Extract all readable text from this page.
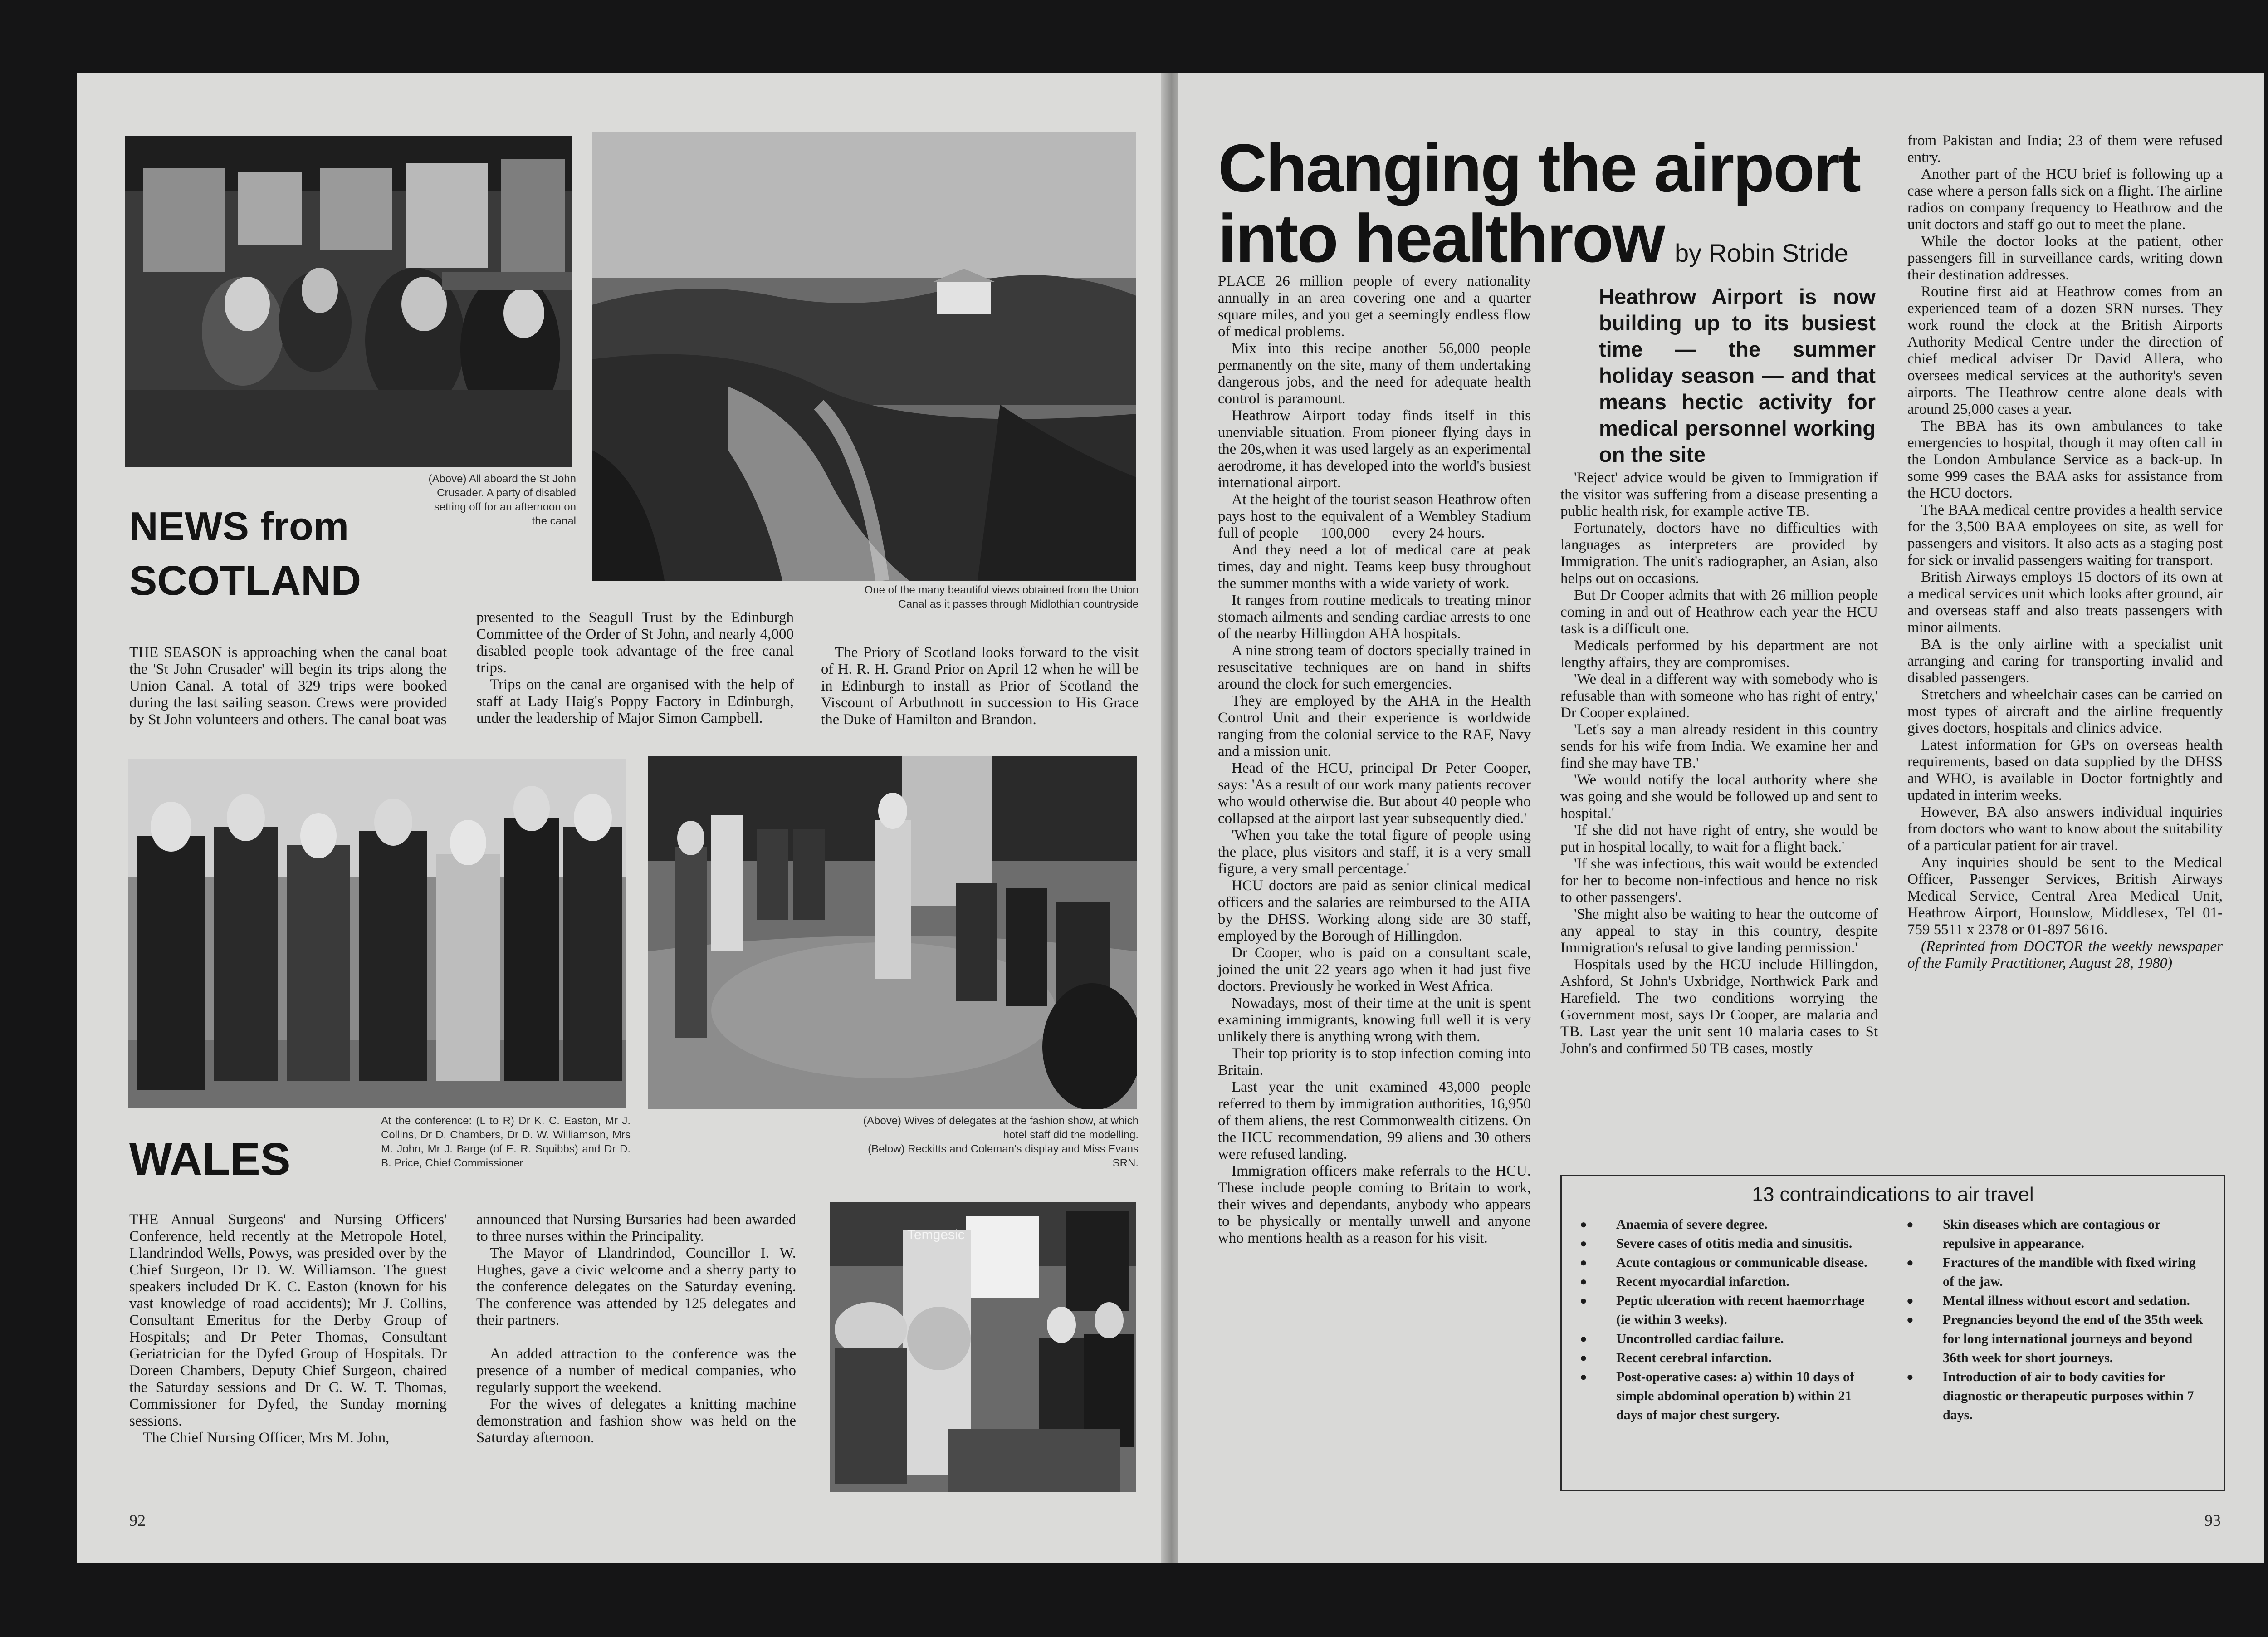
(Above) All aboard the St John Crusader. A party of disabled setting off for an afternoon on the canal
NEWS from
SCOTLAND	One of the many beautiful views obtained from the Union Canal as it passes through Midlothian countryside

THE SEASON is approaching when the canal boat the 'St John Crusader' will begin its trips along the Union Canal. A total of 329 trips were booked during the last sailing season. Crews were provided by St John volunteers and others. The canal boat was

presented to the Seagull Trust by the Edinburgh Committee of the Order of St John, and nearly 4,000 disabled people took advantage of the free canal trips.

Trips on the canal are organised with the help of staff at Lady Haig's Poppy Factory in Edinburgh, under the leadership of Major Simon Campbell.

The Priory of Scotland looks forward to the visit of H. R. H. Grand Prior on April 12 when he will be in Edinburgh to install as Prior of Scotland the Viscount of Arbuthnott in succession to His Grace the Duke of Hamilton and Brandon.

WALES
At the conference: (L to R) Dr K. C. Easton, Mr J. Collins, Dr D. Chambers, Dr D. W. Williamson, Mrs M. John, Mr J. Barge (of E. R. Squibbs) and Dr D. B. Price, Chief Commissioner
(Above) Wives of delegates at the fashion show, at which hotel staff did the modelling.
(Below) Reckitts and Coleman's display and Miss Evans SRN.

THE Annual Surgeons' and Nursing Officers' Conference, held recently at the Metropole Hotel, Llandrindod Wells, Powys, was presided over by the Chief Surgeon, Dr D. W. Williamson. The guest speakers included Dr K. C. Easton (known for his vast knowledge of road accidents); Mr J. Collins, Consultant Emeritus for the Derby Group of Hospitals; and Dr Peter Thomas, Consultant Geriatrician for the Dyfed Group of Hospitals. Dr Doreen Chambers, Deputy Chief Surgeon, chaired the Saturday sessions and Dr C. W. T. Thomas, Commissioner for Dyfed, the Sunday morning sessions.

The Chief Nursing Officer, Mrs M. John,

announced that Nursing Bursaries had been awarded to three nurses within the Principality.

The Mayor of Llandrindod, Councillor I. W. Hughes, gave a civic welcome and a sherry party to the conference delegates on the Saturday evening. The conference was attended by 125 delegates and their partners.

An added attraction to the conference was the presence of a number of medical companies, who regularly support the weekend.

For the wives of delegates a knitting machine demonstration and fashion show was held on the Saturday afternoon.

Temgesic
92
Changing the airport
into healthrow by Robin Stride

PLACE 26 million people of every nationality annually in an area covering one and a quarter square miles, and you get a seemingly endless flow of medical problems.

Mix into this recipe another 56,000 people permanently on the site, many of them undertaking dangerous jobs, and the need for adequate health control is paramount.

Heathrow Airport today finds itself in this unenviable situation. From pioneer flying days in the 20s,when it was used largely as an experimental aerodrome, it has developed into the world's busiest international airport.

At the height of the tourist season Heathrow often pays host to the equivalent of a Wembley Stadium full of people — 100,000 — every 24 hours.

And they need a lot of medical care at peak times, day and night. Teams keep busy throughout the summer months with a wide variety of work.

It ranges from routine medicals to treating minor stomach ailments and sending cardiac arrests to one of the nearby Hillingdon AHA hospitals.

A nine strong team of doctors specially trained in resuscitative techniques are on hand in shifts around the clock for such emergencies.

They are employed by the AHA in the Health Control Unit and their experience is worldwide ranging from the colonial service to the RAF, Navy and a mission unit.

Head of the HCU, principal Dr Peter Cooper, says: 'As a result of our work many patients recover who would otherwise die. But about 40 people who collapsed at the airport last year subsequently died.'

'When you take the total figure of people using the place, plus visitors and staff, it is a very small figure, a very small percentage.'

HCU doctors are paid as senior clinical medical officers and the salaries are reimbursed to the AHA by the DHSS. Working along side are 30 staff, employed by the Borough of Hillingdon.

Dr Cooper, who is paid on a consultant scale, joined the unit 22 years ago when it had just five doctors. Previously he worked in West Africa.

Nowadays, most of their time at the unit is spent examining immigrants, knowing full well it is very unlikely there is anything wrong with them.

Their top priority is to stop infection coming into Britain.

Last year the unit examined 43,000 people referred to them by immigration authorities, 16,950 of them aliens, the rest Commonwealth citizens. On the HCU recommendation, 99 aliens and 30 others were refused landing.

Immigration officers make referrals to the HCU. These include people coming to Britain to work, their wives and dependants, anybody who appears to be physically or mentally unwell and anyone who mentions health as a reason for his visit.

Heathrow Airport is now building up to its busiest time — the summer holiday season — and that means hectic activity for medical personnel working on the site

'Reject' advice would be given to Immigration if the visitor was suffering from a disease presenting a public health risk, for example active TB.

Fortunately, doctors have no difficulties with languages as interpreters are provided by Immigration. The unit's radiographer, an Asian, also helps out on occasions.

But Dr Cooper admits that with 26 million people coming in and out of Heathrow each year the HCU task is a difficult one.

Medicals performed by his department are not lengthy affairs, they are compromises.

'We deal in a different way with somebody who is refusable than with someone who has right of entry,' Dr Cooper explained.

'Let's say a man already resident in this country sends for his wife from India. We examine her and find she may have TB.'

'We would notify the local authority where she was going and she would be followed up and sent to hospital.'

'If she did not have right of entry, she would be put in hospital locally, to wait for a flight back.'

'If she was infectious, this wait would be extended for her to become non-infectious and hence no risk to other passengers'.

'She might also be waiting to hear the outcome of any appeal to stay in this country, despite Immigration's refusal to give landing permission.'

Hospitals used by the HCU include Hillingdon, Ashford, St John's Uxbridge, Northwick Park and Harefield. The two conditions worrying the Government most, says Dr Cooper, are malaria and TB. Last year the unit sent 10 malaria cases to St John's and confirmed 50 TB cases, mostly

from Pakistan and India; 23 of them were refused entry.

Another part of the HCU brief is following up a case where a person falls sick on a flight. The airline radios on company frequency to Heathrow and the unit doctors and staff go out to meet the plane.

While the doctor looks at the patient, other passengers fill in surveillance cards, writing down their destination addresses.

Routine first aid at Heathrow comes from an experienced team of a dozen SRN nurses. They work round the clock at the British Airports Authority Medical Centre under the direction of chief medical adviser Dr David Allera, who oversees medical services at the authority's seven airports. The Heathrow centre alone deals with around 25,000 cases a year.

The BBA has its own ambulances to take emergencies to hospital, though it may often call in the London Ambulance Service as a back-up. In some 999 cases the BAA asks for assistance from the HCU doctors.

The BAA medical centre provides a health service for the 3,500 BAA employees on site, as well for passengers and visitors. It also acts as a staging post for sick or invalid passengers waiting for transport.

British Airways employs 15 doctors of its own at a medical services unit which looks after ground, air and overseas staff and also treats passengers with minor ailments.

BA is the only airline with a specialist unit arranging and caring for transporting invalid and disabled passengers.

Stretchers and wheelchair cases can be carried on most types of aircraft and the airline frequently gives doctors, hospitals and clinics advice.

Latest information for GPs on overseas health requirements, based on data supplied by the DHSS and WHO, is available in Doctor fortnightly and updated in interim weeks.

However, BA also answers individual inquiries from doctors who want to know about the suitability of a particular patient for air travel.

Any inquiries should be sent to the Medical Officer, Passenger Services, British Airways Medical Service, Central Area Medical Unit, Heathrow Airport, Hounslow, Middlesex, Tel 01-759 5511 x 2378 or 01-897 5616.

(Reprinted from DOCTOR the weekly newspaper of the Family Practitioner, August 28, 1980)

13 contraindications to air travel
● Anaemia of severe degree.
● Severe cases of otitis media and sinusitis.
● Acute contagious or communicable disease.
● Recent myocardial infarction.
● Peptic ulceration with recent haemorrhage (ie within 3 weeks).
● Uncontrolled cardiac failure.
● Recent cerebral infarction.
● Post-operative cases: a) within 10 days of simple abdominal operation b) within 21 days of major chest surgery.
● Skin diseases which are contagious or repulsive in appearance.
● Fractures of the mandible with fixed wiring of the jaw.
● Mental illness without escort and sedation.
● Pregnancies beyond the end of the 35th week for long international journeys and beyond 36th week for short journeys.
● Introduction of air to body cavities for diagnostic or therapeutic purposes within 7 days.
93
